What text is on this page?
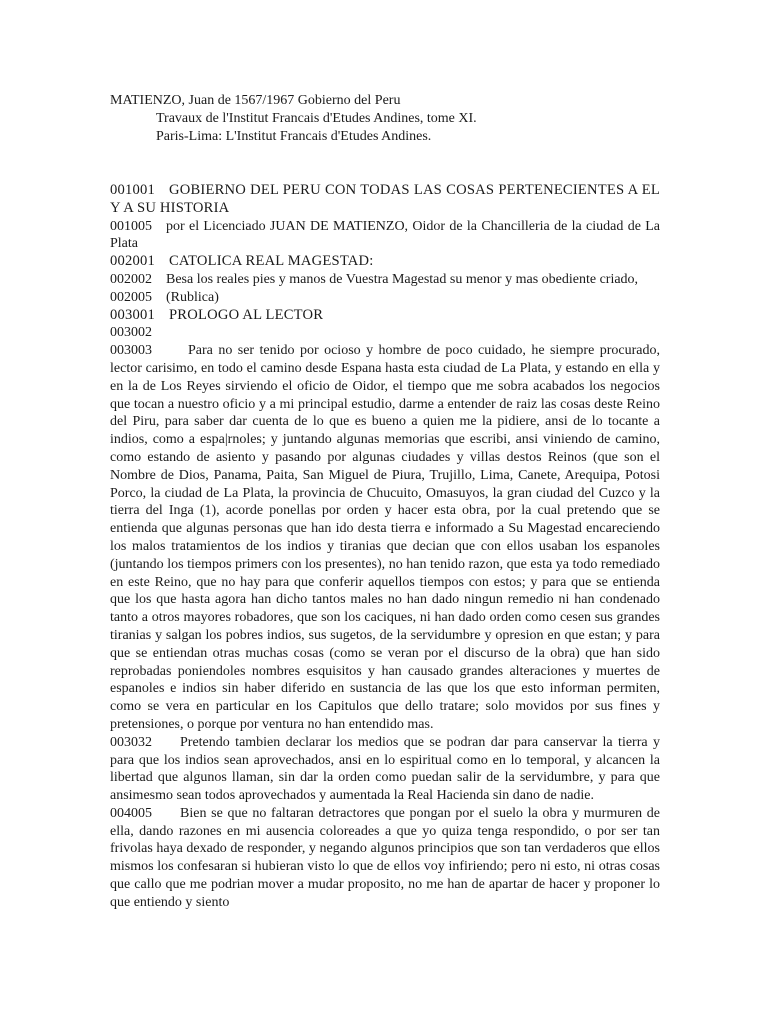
MATIENZO, Juan de 1567/1967 Gobierno del Peru

Travaux de l'Institut Francais d'Etudes Andines, tome XI.

Paris-Lima: L'Institut Francais d'Etudes Andines.

001001 GOBIERNO DEL PERU CON TODAS LAS COSAS PERTENECIENTES A EL Y A SU HISTORIA

001005 por el Licenciado JUAN DE MATIENZO, Oidor de la Chancilleria de la ciudad de La Plata

002001 CATOLICA REAL MAGESTAD:

002002 Besa los reales pies y manos de Vuestra Magestad su menor y mas obediente criado,

002005 (Rublica)

003001 PROLOGO AL LECTOR

003002

003003	Para no ser tenido por ocioso y hombre de poco cuidado, he siempre procurado, lector carisimo, en todo el camino desde Espana hasta esta ciudad de La Plata, y estando en ella y en la de Los Reyes sirviendo el oficio de Oidor, el tiempo que me sobra acabados los negocios que tocan a nuestro oficio y a mi principal estudio, darme a entender de raiz las cosas deste Reino del Piru, para saber dar cuenta de lo que es bueno a quien me la pidiere, ansi de lo tocante a indios, como a espa|rnoles; y juntando algunas memorias que escribi, ansi viniendo de camino, como estando de asiento y pasando por algunas ciudades y villas destos Reinos (que son el Nombre de Dios, Panama, Paita, San Miguel de Piura, Trujillo, Lima, Canete, Arequipa, Potosi Porco, la ciudad de La Plata, la provincia de Chucuito, Omasuyos, la gran ciudad del Cuzco y la tierra del Inga (1), acorde ponellas por orden y hacer esta obra, por la cual pretendo que se entienda que algunas personas que han ido desta tierra e informado a Su Magestad encareciendo los malos tratamientos de los indios y tiranias que decian que con ellos usaban los espanoles (juntando los tiempos primers con los presentes), no han tenido razon, que esta ya todo remediado en este Reino, que no hay para que conferir aquellos tiempos con estos; y para que se entienda que los que hasta agora han dicho tantos males no han dado ningun remedio ni han condenado tanto a otros mayores robadores, que son los caciques, ni han dado orden como cesen sus grandes tiranias y salgan los pobres indios, sus sugetos, de la servidumbre y opresion en que estan; y para que se entiendan otras muchas cosas (como se veran por el discurso de la obra) que han sido reprobadas poniendoles nombres esquisitos y han causado grandes alteraciones y muertes de espanoles e indios sin haber diferido en sustancia de las que los que esto informan permiten, como se vera en particular en los Capitulos que dello tratare; solo movidos por sus fines y pretensiones, o porque por ventura no han entendido mas.

003032 Pretendo tambien declarar los medios que se podran dar para canservar la tierra y para que los indios sean aprovechados, ansi en lo espiritual como en lo temporal, y alcancen la libertad que algunos llaman, sin dar la orden como puedan salir de la servidumbre, y para que ansimesmo sean todos aprovechados y aumentada la Real Hacienda sin dano de nadie.

004005 Bien se que no faltaran detractores que pongan por el suelo la obra y murmuren de ella, dando razones en mi ausencia coloreades a que yo quiza tenga respondido, o por ser tan frivolas haya dexado de responder, y negando algunos principios que son tan verdaderos que ellos mismos los confesaran si hubieran visto lo que de ellos voy infiriendo; pero ni esto, ni otras cosas que callo que me podrian mover a mudar proposito, no me han de apartar de hacer y proponer lo que entiendo y siento
